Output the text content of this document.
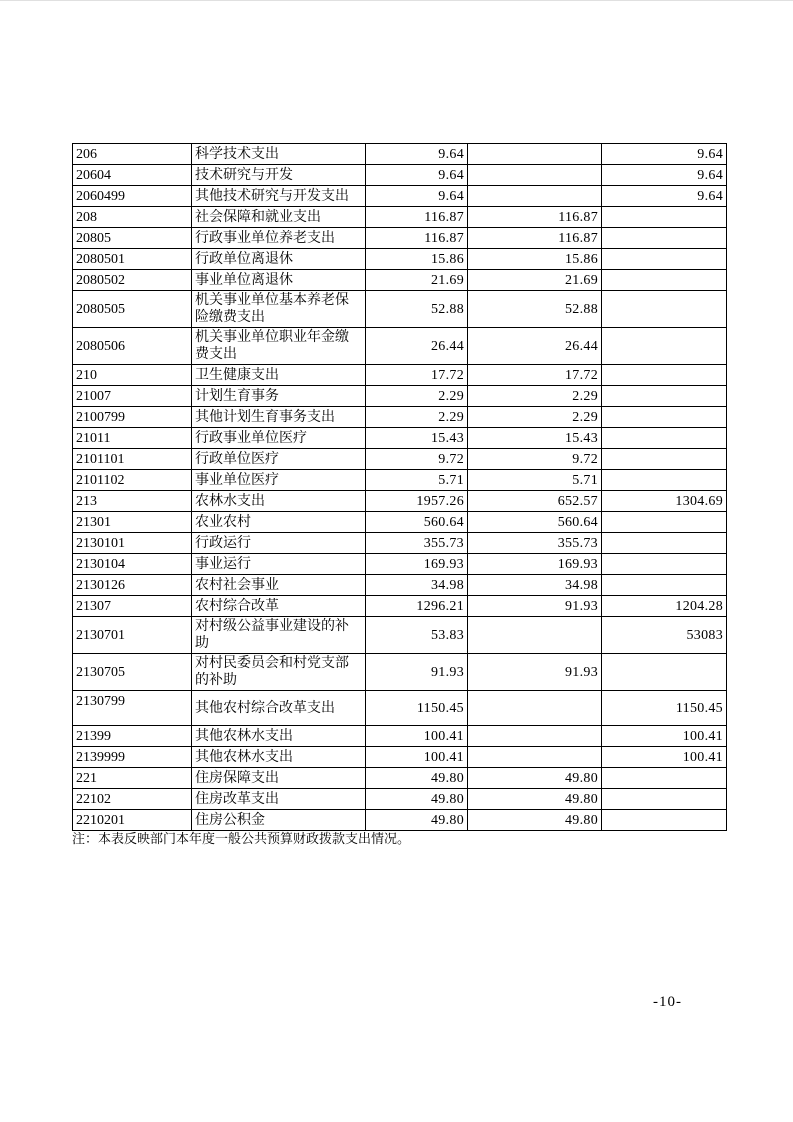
206	科学技术支出	9.64		9.64
20604	技术研究与开发	9.64		9.64
2060499	其他技术研究与开发支出	9.64		9.64
208	社会保障和就业支出	116.87	116.87	
20805	行政事业单位养老支出	116.87	116.87	
2080501	行政单位离退休	15.86	15.86	
2080502	事业单位离退休	21.69	21.69	
2080505	机关事业单位基本养老保险缴费支出	52.88	52.88	
2080506	机关事业单位职业年金缴费支出	26.44	26.44	
210	卫生健康支出	17.72	17.72	
21007	计划生育事务	2.29	2.29	
2100799	其他计划生育事务支出	2.29	2.29	
21011	行政事业单位医疗	15.43	15.43	
2101101	行政单位医疗	9.72	9.72	
2101102	事业单位医疗	5.71	5.71	
213	农林水支出	1957.26	652.57	1304.69
21301	农业农村	560.64	560.64	
2130101	行政运行	355.73	355.73	
2130104	事业运行	169.93	169.93	
2130126	农村社会事业	34.98	34.98	
21307	农村综合改革	1296.21	91.93	1204.28
2130701	对村级公益事业建设的补助	53.83		53083
2130705	对村民委员会和村党支部的补助	91.93	91.93	
2130799	其他农村综合改革支出	1150.45		1150.45
21399	其他农林水支出	100.41		100.41
2139999	其他农林水支出	100.41		100.41
221	住房保障支出	49.80	49.80	
22102	住房改革支出	49.80	49.80	
2210201	住房公积金	49.80	49.80	
注：本表反映部门本年度一般公共预算财政拨款支出情况。
-10-
